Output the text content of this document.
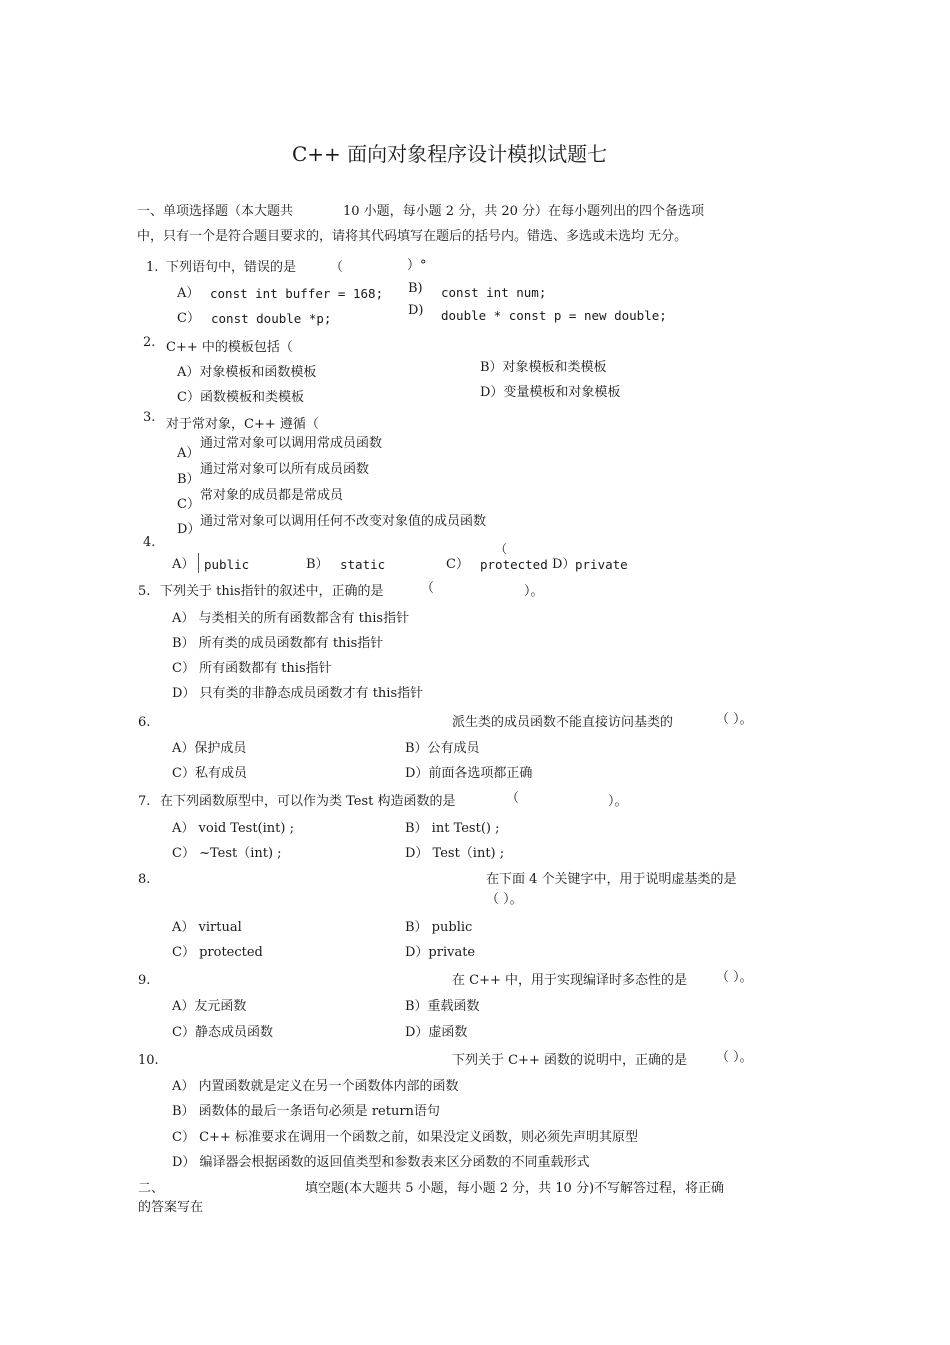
C++ 面向对象程序设计模拟试题七
一、单项选择题（本大题共	10 小题，每小题 2 分，共 20 分）在每小题列出的四个备选项
中，只有一个是符合题目要求的，请将其代码填写在题后的括号内。错选、多选或未选均 无分。
1. 下列语句中，错误的是	（	）°
A） const int buffer = 168; B) const int num;
C） const double *p;
D) double * const p = new double;
2. C++ 中的模板包括（
A）对象模板和函数模板	B）对象模板和类模板
C）函数模板和类模板	D）变量模板和对象模板
3. 对于常对象，C++ 遵循（
A）
通过常对象可以调用常成员函数
B）
通过常对象可以所有成员函数
C）
常对象的成员都是常成员
D）
通过常对象可以调用任何不改变对象值的成员函数
4.	（
A） public	B） static	C） protected D） private
5. 下列关于 this指针的叙述中，正确的是	（	）。
A） 与类相关的所有函数都含有 this指针
B） 所有类的成员函数都有 this指针
C） 所有函数都有 this指针
D） 只有类的非静态成员函数才有 this指针
6.	派生类的成员函数不能直接访问基类的	（ ）。
A）保护成员	B）公有成员
C）私有成员	D）前面各选项都正确
7. 在下列函数原型中，可以作为类 Test 构造函数的是	（	）。
A） void Test(int) ;	B） int Test() ;
C） ~Test（int) ;	D） Test（int) ;
8.	在下面 4 个关键字中，用于说明虚基类的是
（ ）。
A） virtual	B） public
C） protected	D）private
9.	在 C++ 中，用于实现编译时多态性的是 （ ）。
A）友元函数	B）重载函数
C）静态成员函数	D）虚函数
10.	下列关于 C++ 函数的说明中，正确的是 （ ）。
A） 内置函数就是定义在另一个函数体内部的函数
B） 函数体的最后一条语句必须是 return语句
C） C++ 标准要求在调用一个函数之前，如果没定义函数，则必须先声明其原型
D） 编译器会根据函数的返回值类型和参数表来区分函数的不同重载形式
二、	填空题(本大题共 5 小题，每小题 2 分，共 10 分)不写解答过程，将正确
的答案写在
